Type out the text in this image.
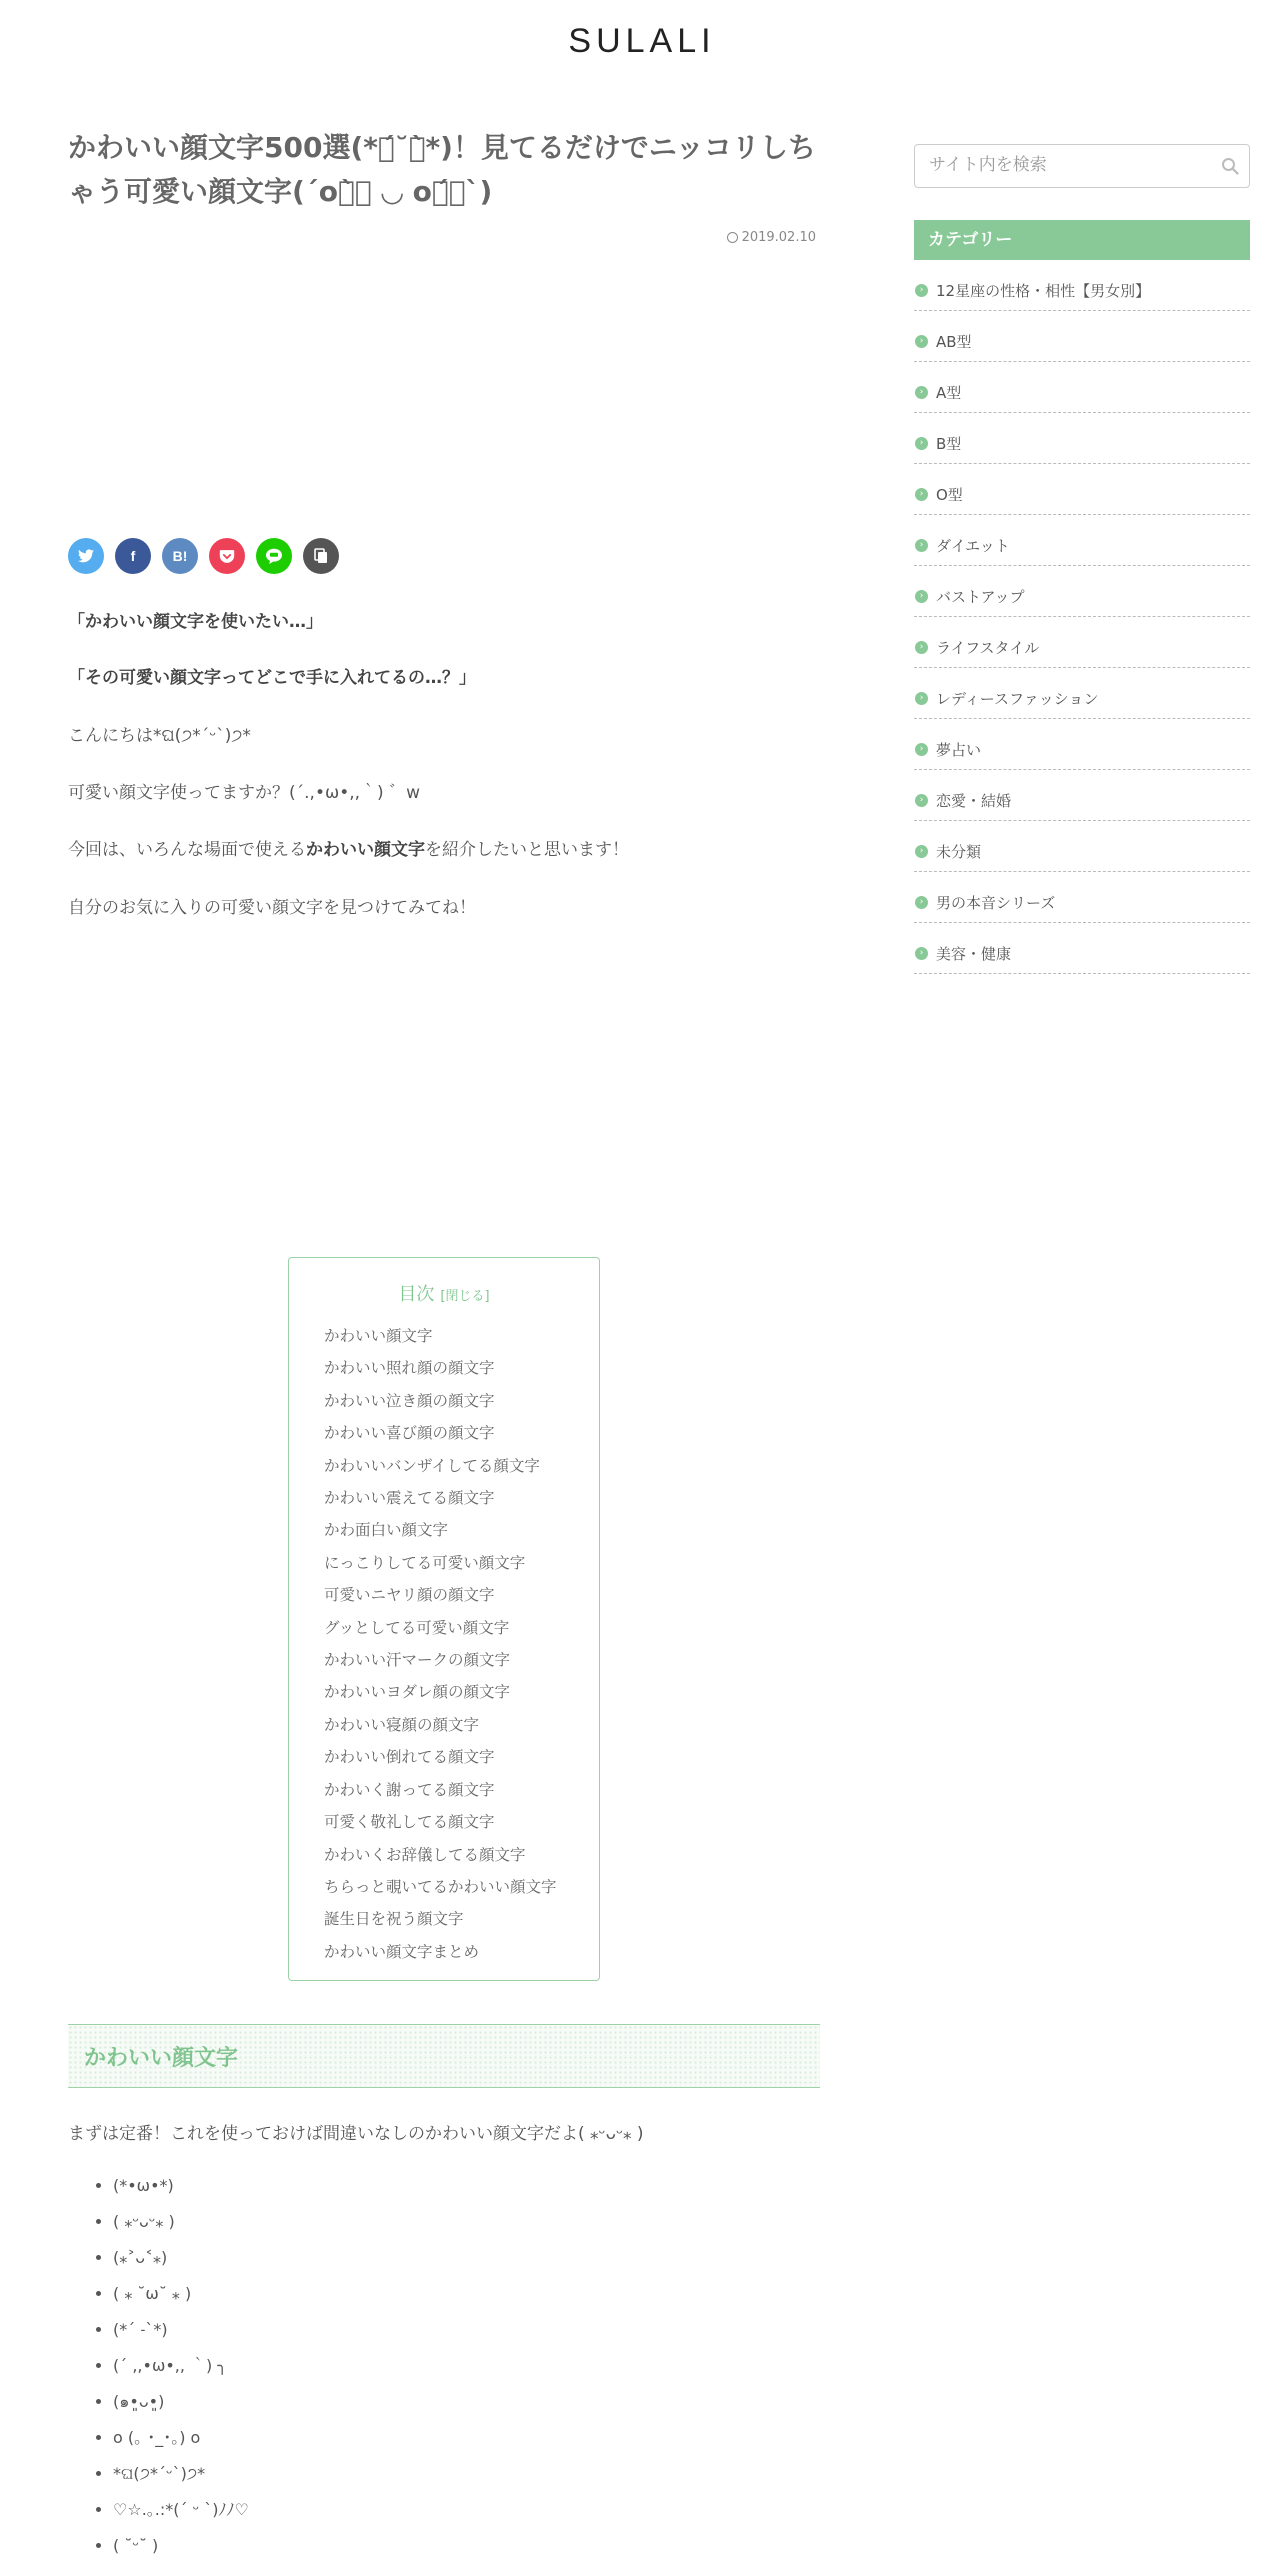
SULALI
かわいい顔文字500選(*ฅ́˘ฅ̀*)！見てるだけでニッコリしちゃう可愛い顔文字(´oฅ̀ิ ◡ oฅ́ิ`)
2019.02.10
f	B!

「かわいい顔文字を使いたい…」

「その可愛い顔文字ってどこで手に入れてるの…？」

こんにちは*ଘ(੭*ˊᵕˋ)੭*

可愛い顔文字使ってますか？(´.,•ω•,,｀) ゛w

今回は、いろんな場面で使えるかわいい顔文字を紹介したいと思います！

自分のお気に入りの可愛い顔文字を見つけてみてね！

目次 [閉じる]
かわいい顔文字
かわいい照れ顔の顔文字
かわいい泣き顔の顔文字
かわいい喜び顔の顔文字
かわいいバンザイしてる顔文字
かわいい震えてる顔文字
かわ面白い顔文字
にっこりしてる可愛い顔文字
可愛いニヤリ顔の顔文字
グッとしてる可愛い顔文字
かわいい汗マークの顔文字
かわいいヨダレ顔の顔文字
かわいい寝顔の顔文字
かわいい倒れてる顔文字
かわいく謝ってる顔文字
可愛く敬礼してる顔文字
かわいくお辞儀してる顔文字
ちらっと覗いてるかわいい顔文字
誕生日を祝う顔文字
かわいい顔文字まとめ
かわいい顔文字

まずは定番！これを使っておけば間違いなしのかわいい顔文字だよ( ⁎ᵕᴗᵕ⁎ )

• (*•ω•*)
• ( ⁎ᵕᴗᵕ⁎ )
• (⁎˃ᴗ˂⁎)
• ( ⁎ ˘ω˘ ⁎ )
• (*ˊ ˗ˋ*)
• (´ ,,•ω•,, ｀) ╮
• (๑•͈ᴗ•͈)
• o (｡ ･_･｡) o
• *ଘ(੭*ˊᵕˋ)੭*
• ♡☆.｡.:*(ˊ ᵕ ˋ)ﾉﾉ♡
• ( ˘ᵕ˘ )
サイト内を検索
カテゴリー
› 12星座の性格・相性【男女別】
› AB型
› A型
› B型
› O型
› ダイエット
› バストアップ
› ライフスタイル
› レディースファッション
› 夢占い
› 恋愛・結婚
› 未分類
› 男の本音シリーズ
› 美容・健康
